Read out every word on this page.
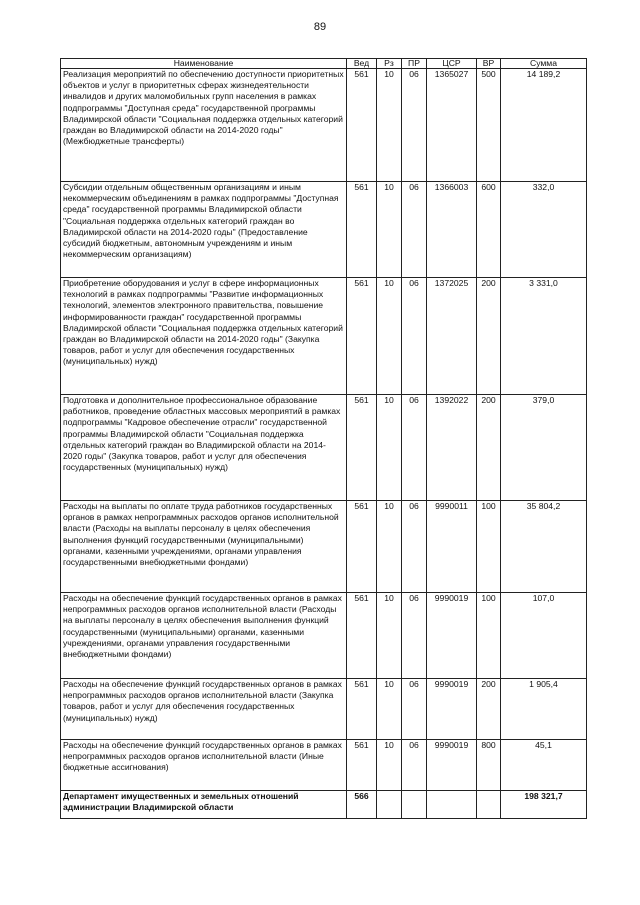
89
Наименование	Вед	Рз	ПР	ЦСР	ВР	Сумма
Реализация мероприятий по обеспечению доступности приоритетных объектов и услуг в приоритетных сферах жизнедеятельности инвалидов и других маломобильных групп населения в рамках подпрограммы "Доступная среда" государственной программы Владимирской области "Социальная поддержка отдельных категорий граждан во Владимирской области на 2014-2020 годы" (Межбюджетные трансферты)	561	10	06	1365027	500	14 189,2
Субсидии отдельным общественным организациям и иным некоммерческим объединениям в рамках подпрограммы "Доступная среда" государственной программы Владимирской области "Социальная поддержка отдельных категорий граждан во Владимирской области на 2014-2020 годы" (Предоставление субсидий бюджетным, автономным учреждениям и иным некоммерческим организациям)	561	10	06	1366003	600	332,0
Приобретение оборудования и услуг в сфере информационных технологий в рамках подпрограммы "Развитие информационных технологий, элементов электронного правительства, повышение информированности граждан" государственной программы Владимирской области "Социальная поддержка отдельных категорий граждан во Владимирской области на 2014-2020 годы" (Закупка товаров, работ и услуг для обеспечения государственных (муниципальных) нужд)	561	10	06	1372025	200	3 331,0
Подготовка и дополнительное профессиональное образование работников, проведение областных массовых мероприятий в рамках подпрограммы "Кадровое обеспечение отрасли" государственной программы Владимирской области "Социальная поддержка отдельных категорий граждан во Владимирской области на 2014-2020 годы" (Закупка товаров, работ и услуг для обеспечения государственных (муниципальных) нужд)	561	10	06	1392022	200	379,0
Расходы на выплаты по оплате труда работников государственных органов в рамках непрограммных расходов органов исполнительной власти (Расходы на выплаты персоналу в целях обеспечения выполнения функций государственными (муниципальными) органами, казенными учреждениями, органами управления государственными внебюджетными фондами)	561	10	06	9990011	100	35 804,2
Расходы на обеспечение функций государственных органов в рамках непрограммных расходов органов исполнительной власти (Расходы на выплаты персоналу в целях обеспечения выполнения функций государственными (муниципальными) органами, казенными учреждениями, органами управления государственными внебюджетными фондами)	561	10	06	9990019	100	107,0
Расходы на обеспечение функций государственных органов в рамках непрограммных расходов органов исполнительной власти (Закупка товаров, работ и услуг для обеспечения государственных (муниципальных) нужд)	561	10	06	9990019	200	1 905,4
Расходы на обеспечение функций государственных органов в рамках непрограммных расходов органов исполнительной власти (Иные бюджетные ассигнования)	561	10	06	9990019	800	45,1
Департамент имущественных и земельных отношений администрации Владимирской области	566					198 321,7
